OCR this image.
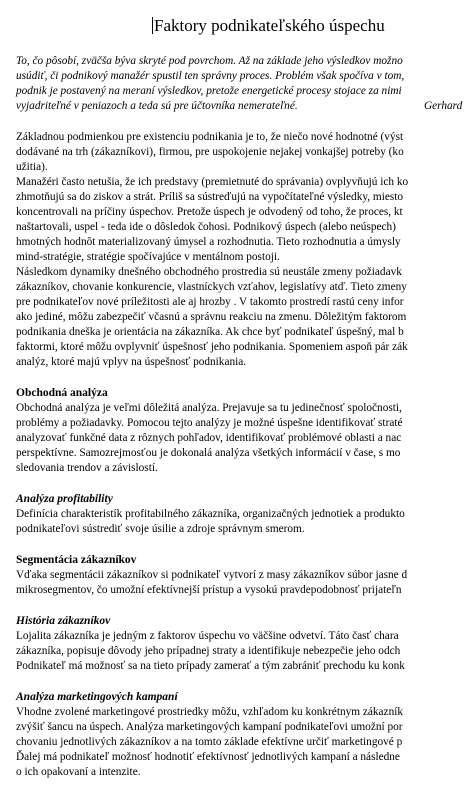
Faktory podnikateľského úspechu
To, čo pôsobí, zväčša býva skryté pod povrchom. Až na základe jeho výsledkov možno
usúdiť, či podnikový manažér spustil ten správny proces. Problém však spočíva v tom,
podnik je postavený na meraní výsledkov, pretože energetické procesy stojace za nimi
vyjadriteľné v peniazoch a teda sú pre účtovníka nemerateľné.	Gerhard
Základnou podmienkou pre existenciu podnikania je to, že niečo nové hodnotné (výst
dodávané na trh (zákazníkovi), firmou, pre uspokojenie nejakej vonkajšej potreby (ko
užitia).
Manažéri často netušia, že ich predstavy (premietnuté do správania) ovplyvňujú ich ko
zhmotňujú sa do ziskov a strát. Príliš sa sústreďujú na vypočítateľné výsledky, miesto
koncentrovali na príčiny úspechov. Pretože úspech je odvodený od toho, že proces, kt
naštartovali, uspel - teda ide o dôsledok čohosi. Podnikový úspech (alebo neúspech)
hmotných hodnôt materializovaný úmysel a rozhodnutia. Tieto rozhodnutia a úmysly
mind-stratégie, stratégie spočívajúce v mentálnom postoji.
Následkom dynamiky dnešného obchodného prostredia sú neustále zmeny požiadavk
zákazníkov, chovanie konkurencie, vlastníckych vzťahov, legislatívy atď. Tieto zmeny
pre podnikateľov nové príležitosti ale aj hrozby . V takomto prostredí rastú ceny infor
ako jediné, môžu zabezpečiť včasnú a správnu reakciu na zmenu. Dôležitým faktorom
podnikania dneška je orientácia na zákazníka. Ak chce byť podnikateľ úspešný, mal b
faktormi, ktoré môžu ovplyvniť úspešnosť jeho podnikania. Spomeniem aspoň pár zák
analýz, ktoré majú vplyv na úspešnosť podnikania.
Obchodná analýza
Obchodná analýza je veľmi dôležitá analýza. Prejavuje sa tu jedinečnosť spoločnosti,
problémy a požiadavky. Pomocou tejto analýzy je možné úspešne identifikovať straté
analyzovať funkčné data z rôznych pohľadov, identifikovať problémové oblasti a nac
perspektívne. Samozrejmosťou je dokonalá analýza všetkých informácií v čase, s mo
sledovania trendov a závislostí.
Analýza profitability
Definícia charakteristík profitabilného zákazníka, organizačných jednotiek a produkto
podnikateľovi sústrediť svoje úsilie a zdroje správnym smerom.
Segmentácia zákazníkov
Vďaka segmentácii zákazníkov si podnikateľ vytvorí z masy zákazníkov súbor jasne d
mikrosegmentov, čo umožní efektívnejší prístup a vysokú pravdepodobnosť prijateľn
História zákazníkov
Lojalita zákazníka je jedným z faktorov úspechu vo väčšine odvetví. Táto časť chara
zákazníka, popisuje dôvody jeho prípadnej straty a identifikuje nebezpečie jeho odch
Podnikateľ má možnosť sa na tieto prípady zamerať a tým zabrániť prechodu ku konk
Analýza marketingových kampaní
Vhodne zvolené marketingové prostriedky môžu, vzhľadom ku konkrétnym zákazník
zvýšiť šancu na úspech. Analýza marketingových kampaní podnikateľovi umožní por
chovaniu jednotlivých zákazníkov a na tomto základe efektívne určiť marketingové p
Ďalej má podnikateľ možnosť hodnotiť efektívnosť jednotlivých kampaní a následne
o ich opakovaní a intenzite.
